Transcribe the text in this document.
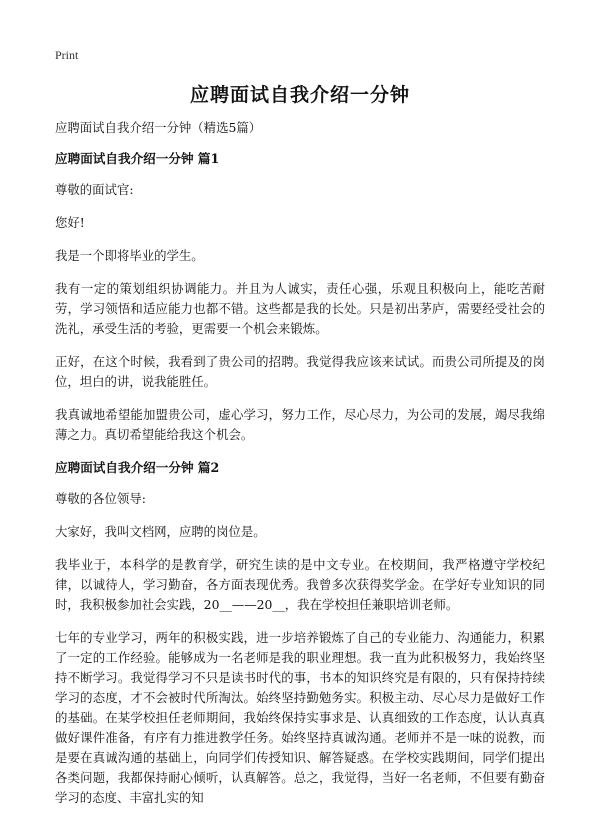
Print
应聘面试自我介绍一分钟

应聘面试自我介绍一分钟（精选5篇）

应聘面试自我介绍一分钟 篇1

尊敬的面试官:

您好!

我是一个即将毕业的学生。

我有一定的策划组织协调能力。并且为人诚实，责任心强，乐观且积极向上，能吃苦耐劳，学习领悟和适应能力也都不错。这些都是我的长处。只是初出茅庐，需要经受社会的洗礼，承受生活的考验，更需要一个机会来锻炼。

正好，在这个时候，我看到了贵公司的招聘。我觉得我应该来试试。而贵公司所提及的岗位，坦白的讲，说我能胜任。

我真诚地希望能加盟贵公司，虚心学习，努力工作，尽心尽力，为公司的发展，竭尽我绵薄之力。真切希望能给我这个机会。

应聘面试自我介绍一分钟 篇2

尊敬的各位领导:

大家好，我叫文档网，应聘的岗位是。

我毕业于，本科学的是教育学，研究生读的是中文专业。在校期间，我严格遵守学校纪律，以诚待人，学习勤奋，各方面表现优秀。我曾多次获得奖学金。在学好专业知识的同时，我积极参加社会实践，20__——20__，我在学校担任兼职培训老师。

七年的专业学习，两年的积极实践，进一步培养锻炼了自己的专业能力、沟通能力，积累了一定的工作经验。能够成为一名老师是我的职业理想。我一直为此积极努力，我始终坚持不断学习。我觉得学习不只是读书时代的事，书本的知识终究是有限的，只有保持持续学习的态度，才不会被时代所淘汰。始终坚持勤勉务实。积极主动、尽心尽力是做好工作的基础。在某学校担任老师期间，我始终保持实事求是、认真细致的工作态度，认认真真做好课件准备，有序有力推进教学任务。始终坚持真诚沟通。老师并不是一味的说教，而是要在真诚沟通的基础上，向同学们传授知识、解答疑惑。在学校实践期间，同学们提出各类问题，我都保持耐心倾听，认真解答。总之，我觉得，当好一名老师，不但要有勤奋学习的态度、丰富扎实的知
